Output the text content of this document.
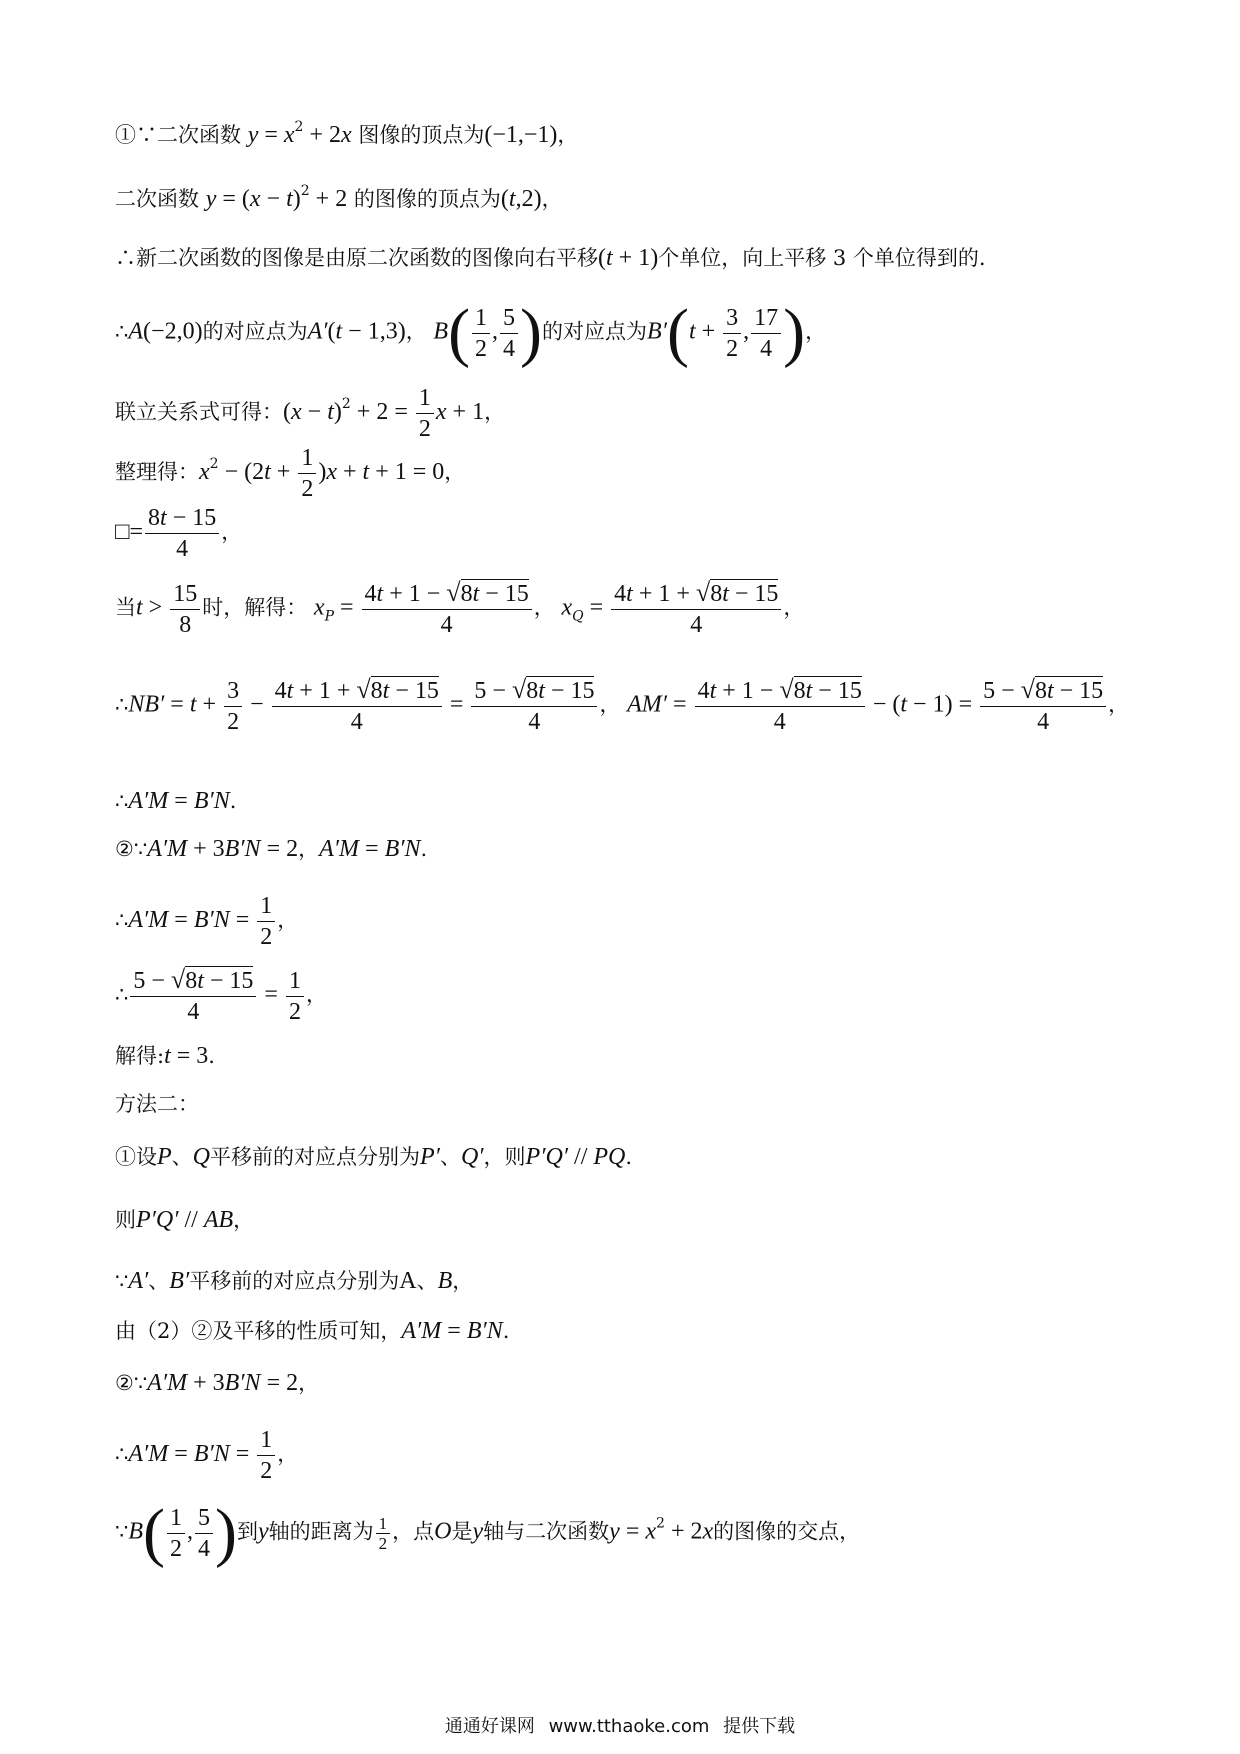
①∵二次函数 $y = x^2 + 2x$ 图像的顶点为(−1,−1)，
二次函数 $y = (x - t)^2 + 2$ 的图像的顶点为(t,2)，
∴新二次函数的图像是由原二次函数的图像向右平移(t + 1)个单位，向上平移 3 个单位得到的.
∴A(−2,0)的对应点为A′(t − 1,3)， $B( \frac{1}{2}$ , $\frac{5}{4}$ )的对应点为$B'(t + \frac{3}{2}$ , $\frac{17}{4}$ )，
联立关系式可得：$(x - t)^2 + 2 = \frac{1}{2}$ x + 1，
整理得：$x^2 - (2t + \frac{1}{2} )x + t + 1 = 0$，
□= $\frac{8t - 15}{4}$ ，
当$t > \frac{15}{8}$ 时，解得： $x_P = \frac{4t + 1 - √8t - 15}{4}$ ， $x_Q = \frac{4t + 1 + √8t - 15}{4}$ ，
∴NB′ = $t + \frac{3}{2} - \frac{4t + 1 + √8t - 15}{4} = \frac{5 - √8t - 15}{4}$ ， $AM' = \frac{4t + 1 - √8t - 15}{4} - (t - 1) = \frac{5 - √8t - 15}{4}$ ，
∴A′M = B′N.
②∵A′M + 3B′N = 2，A′M = B′N.
∴A′M = $B'N = \frac{1}{2}$ ，
∴ $\frac{5 - √8t - 15}{4} = \frac{1}{2}$ ，
解得:t = 3.
方法二：
①设P、Q平移前的对应点分别为P′、Q′，则P′Q′ // PQ.
则P′Q′ // AB，
∵A′、B′平移前的对应点分别为A、B，
由（2）②及平移的性质可知，A′M = B′N.
②∵A′M + 3B′N = 2，
∴A′M = $B'N = \frac{1}{2}$ ，
∵B( $\frac{1}{2}$ , $\frac{5}{4}$ )到y轴的距离为 $\frac{1}{2}$ ，点O是y轴与二次函数$y = x^2 + 2x$的图像的交点，
通通好课网 www.tthaoke.com 提供下载
